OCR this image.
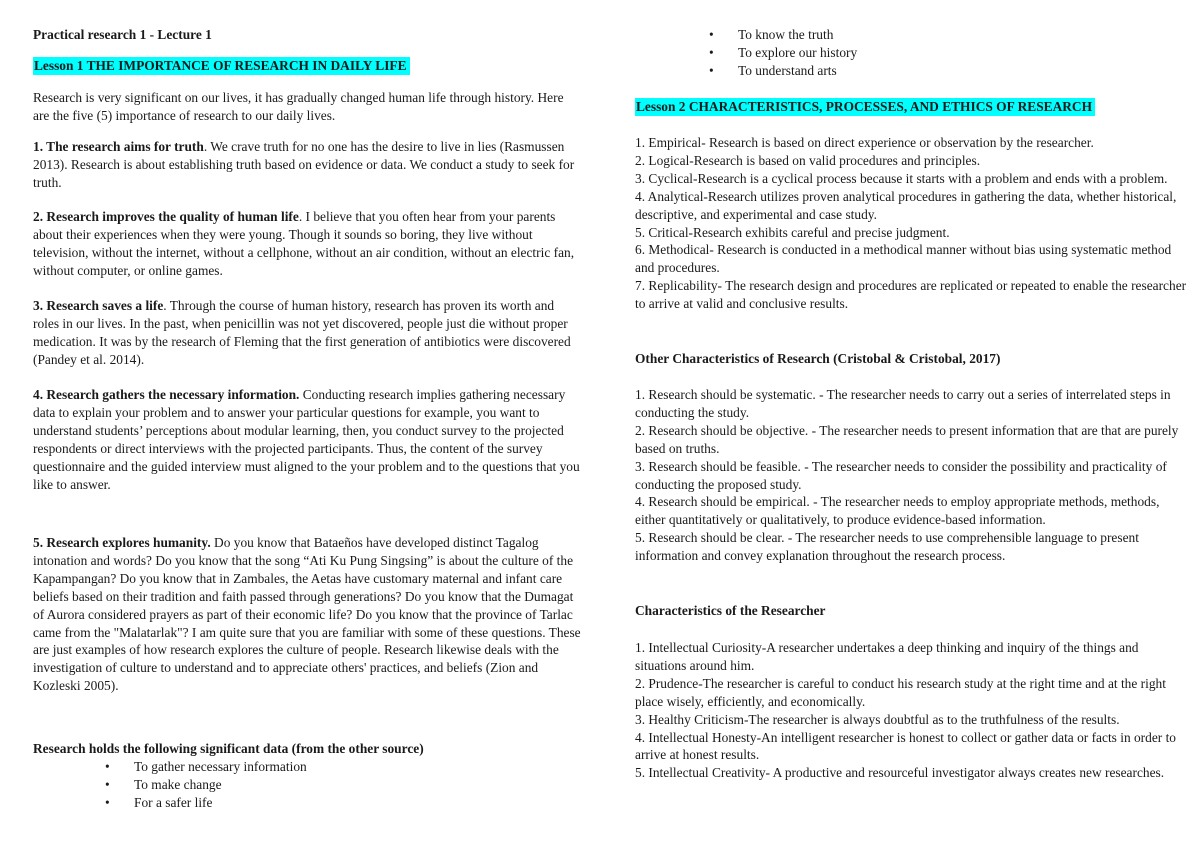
Practical research 1 - Lecture 1

Lesson 1 THE IMPORTANCE OF RESEARCH IN DAILY LIFE

Research is very significant on our lives, it has gradually changed human life through history. Here are the five (5) importance of research to our daily lives.

1. The research aims for truth. We crave truth for no one has the desire to live in lies (Rasmussen 2013). Research is about establishing truth based on evidence or data. We conduct a study to seek for truth.

2. Research improves the quality of human life. I believe that you often hear from your parents about their experiences when they were young. Though it sounds so boring, they live without television, without the internet, without a cellphone, without an air condition, without an electric fan, without computer, or online games.

3. Research saves a life. Through the course of human history, research has proven its worth and roles in our lives. In the past, when penicillin was not yet discovered, people just die without proper medication. It was by the research of Fleming that the first generation of antibiotics were discovered (Pandey et al. 2014).

4. Research gathers the necessary information. Conducting research implies gathering necessary data to explain your problem and to answer your particular questions for example, you want to understand students’ perceptions about modular learning, then, you conduct survey to the projected respondents or direct interviews with the projected participants. Thus, the content of the survey questionnaire and the guided interview must aligned to the your problem and to the questions that you like to answer.

5. Research explores humanity. Do you know that Bataeños have developed distinct Tagalog intonation and words? Do you know that the song “Ati Ku Pung Singsing” is about the culture of the Kapampangan? Do you know that in Zambales, the Aetas have customary maternal and infant care beliefs based on their tradition and faith passed through generations? Do you know that the Dumagat of Aurora considered prayers as part of their economic life? Do you know that the province of Tarlac came from the "Malatarlak"? I am quite sure that you are familiar with some of these questions. These are just examples of how research explores the culture of people. Research likewise deals with the investigation of culture to understand and to appreciate others' practices, and beliefs (Zion and Kozleski 2005).

Research holds the following significant data (from the other source)

• To gather necessary information
• To make change
• For a safer life
• To know the truth
• To explore our history
• To understand arts

Lesson 2 CHARACTERISTICS, PROCESSES, AND ETHICS OF RESEARCH

1. Empirical- Research is based on direct experience or observation by the researcher.
2. Logical-Research is based on valid procedures and principles.
3. Cyclical-Research is a cyclical process because it starts with a problem and ends with a problem.
4. Analytical-Research utilizes proven analytical procedures in gathering the data, whether historical, descriptive, and experimental and case study.
5. Critical-Research exhibits careful and precise judgment.
6. Methodical- Research is conducted in a methodical manner without bias using systematic method and procedures.
7. Replicability- The research design and procedures are replicated or repeated to enable the researcher to arrive at valid and conclusive results.

Other Characteristics of Research (Cristobal & Cristobal, 2017)

1. Research should be systematic. - The researcher needs to carry out a series of interrelated steps in conducting the study.
2. Research should be objective. - The researcher needs to present information that are that are purely based on truths.
3. Research should be feasible. - The researcher needs to consider the possibility and practicality of conducting the proposed study.
4. Research should be empirical. - The researcher needs to employ appropriate methods, methods, either quantitatively or qualitatively, to produce evidence-based information.
5. Research should be clear. - The researcher needs to use comprehensible language to present information and convey explanation throughout the research process.

Characteristics of the Researcher

1. Intellectual Curiosity-A researcher undertakes a deep thinking and inquiry of the things and situations around him.
2. Prudence-The researcher is careful to conduct his research study at the right time and at the right place wisely, efficiently, and economically.
3. Healthy Criticism-The researcher is always doubtful as to the truthfulness of the results.
4. Intellectual Honesty-An intelligent researcher is honest to collect or gather data or facts in order to arrive at honest results.
5. Intellectual Creativity- A productive and resourceful investigator always creates new researches.
